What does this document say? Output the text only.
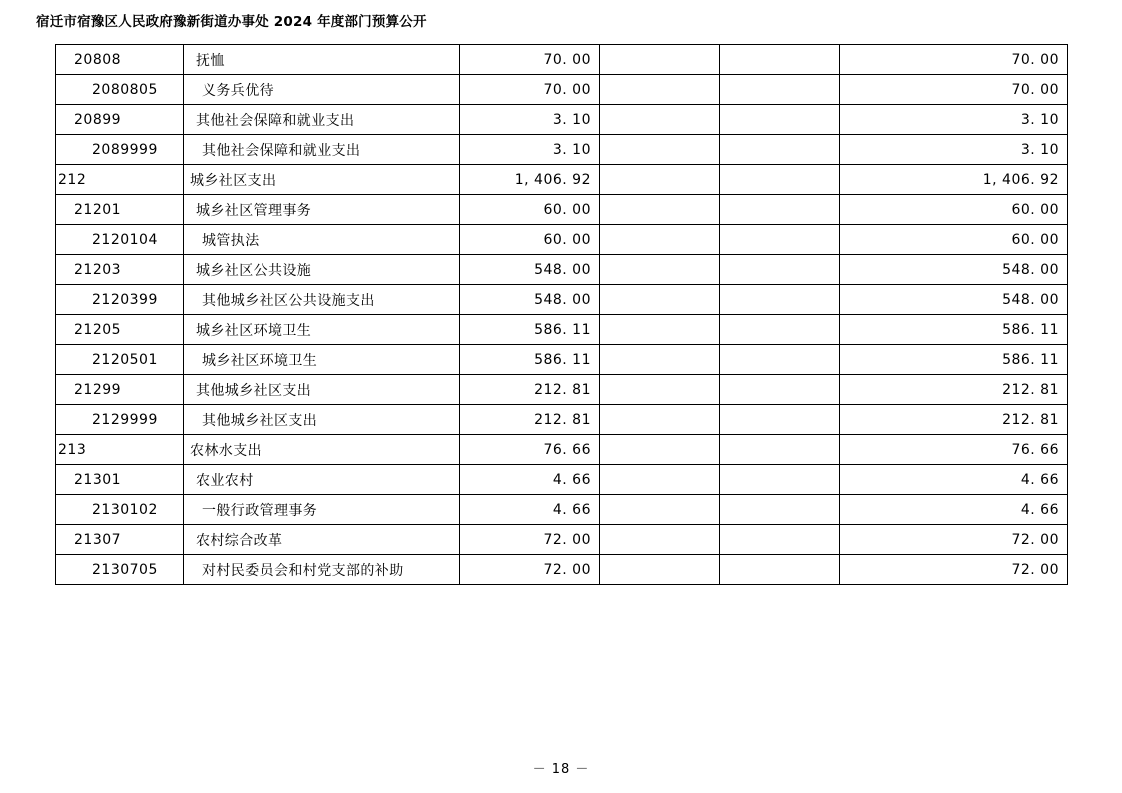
宿迁市宿豫区人民政府豫新街道办事处 2024 年度部门预算公开
20808	抚恤	70. 00			70. 00
2080805	义务兵优待	70. 00			70. 00
20899	其他社会保障和就业支出	3. 10			3. 10
2089999	其他社会保障和就业支出	3. 10			3. 10
212	城乡社区支出	1, 406. 92			1, 406. 92
21201	城乡社区管理事务	60. 00			60. 00
2120104	城管执法	60. 00			60. 00
21203	城乡社区公共设施	548. 00			548. 00
2120399	其他城乡社区公共设施支出	548. 00			548. 00
21205	城乡社区环境卫生	586. 11			586. 11
2120501	城乡社区环境卫生	586. 11			586. 11
21299	其他城乡社区支出	212. 81			212. 81
2129999	其他城乡社区支出	212. 81			212. 81
213	农林水支出	76. 66			76. 66
21301	农业农村	4. 66			4. 66
2130102	一般行政管理事务	4. 66			4. 66
21307	农村综合改革	72. 00			72. 00
2130705	对村民委员会和村党支部的补助	72. 00			72. 00
－ 18 －
